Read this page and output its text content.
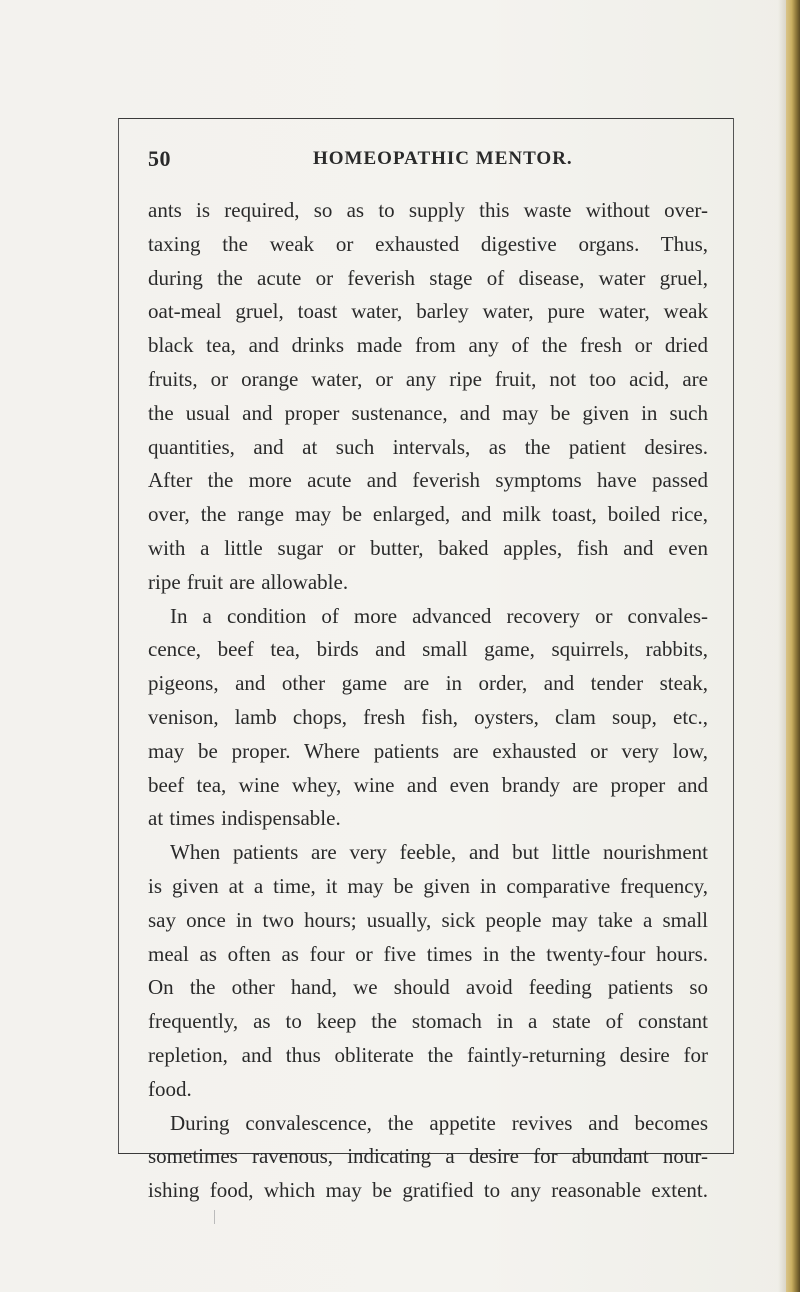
50	HOMEOPATHIC MENTOR.
ants is required, so as to supply this waste without over-
taxing the weak or exhausted digestive organs. Thus,
during the acute or feverish stage of disease, water gruel,
oat-meal gruel, toast water, barley water, pure water, weak
black tea, and drinks made from any of the fresh or dried
fruits, or orange water, or any ripe fruit, not too acid, are
the usual and proper sustenance, and may be given in such
quantities, and at such intervals, as the patient desires.
After the more acute and feverish symptoms have passed
over, the range may be enlarged, and milk toast, boiled rice,
with a little sugar or butter, baked apples, fish and even
ripe fruit are allowable.
In a condition of more advanced recovery or convales-
cence, beef tea, birds and small game, squirrels, rabbits,
pigeons, and other game are in order, and tender steak,
venison, lamb chops, fresh fish, oysters, clam soup, etc.,
may be proper. Where patients are exhausted or very low,
beef tea, wine whey, wine and even brandy are proper and
at times indispensable.
When patients are very feeble, and but little nourishment
is given at a time, it may be given in comparative frequency,
say once in two hours; usually, sick people may take a small
meal as often as four or five times in the twenty-four hours.
On the other hand, we should avoid feeding patients so
frequently, as to keep the stomach in a state of constant
repletion, and thus obliterate the faintly-returning desire for
food.
During convalescence, the appetite revives and becomes
sometimes ravenous, indicating a desire for abundant nour-
ishing food, which may be gratified to any reasonable extent.
